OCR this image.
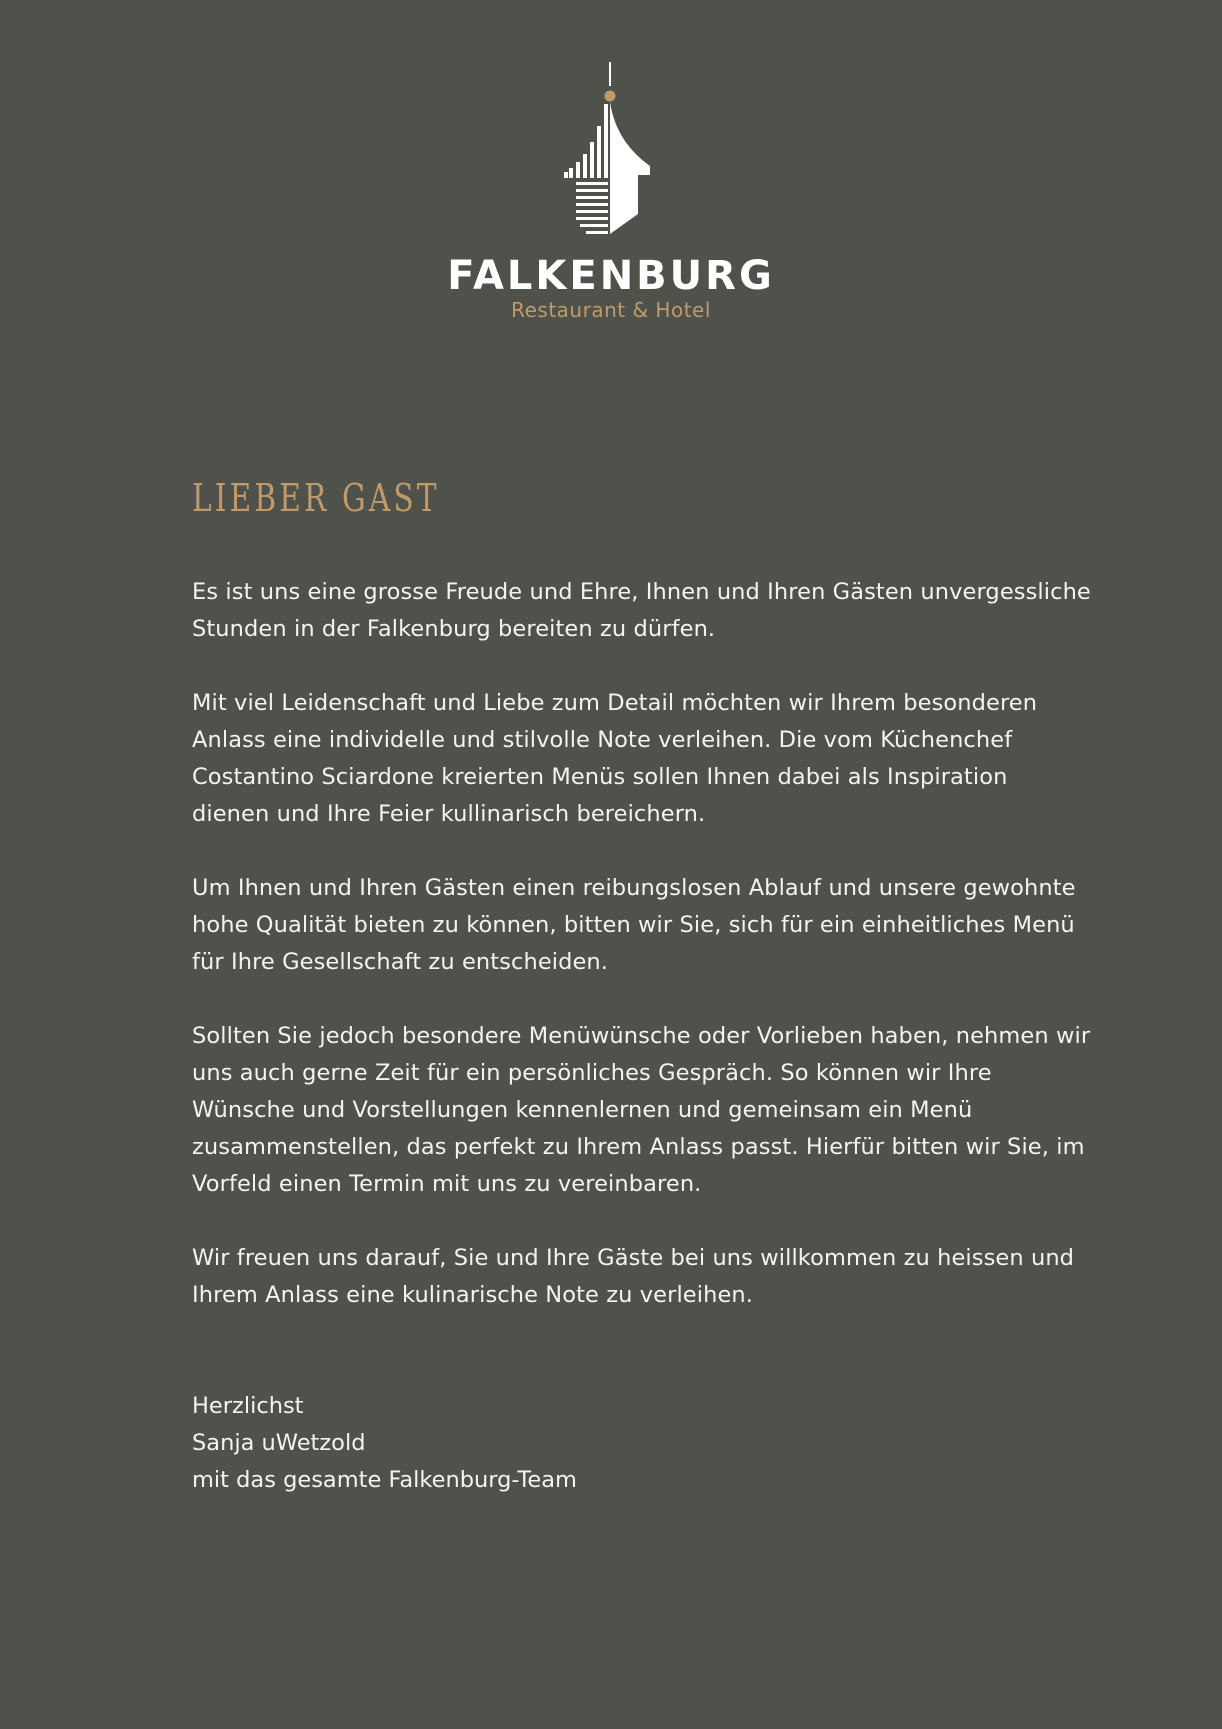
FALKENBURG
Restaurant & Hotel
LIEBER GAST

Es ist uns eine grosse Freude und Ehre, Ihnen und Ihren Gästen unvergessliche Stunden in der Falkenburg bereiten zu dürfen.

Mit viel Leidenschaft und Liebe zum Detail möchten wir Ihrem besonderen Anlass eine individelle und stilvolle Note verleihen. Die vom Küchenchef Costantino Sciardone kreierten Menüs sollen Ihnen dabei als Inspiration dienen und Ihre Feier kullinarisch bereichern.

Um Ihnen und Ihren Gästen einen reibungslosen Ablauf und unsere gewohnte hohe Qualität bieten zu können, bitten wir Sie, sich für ein einheitliches Menü für Ihre Gesellschaft zu entscheiden.

Sollten Sie jedoch besondere Menüwünsche oder Vorlieben haben, nehmen wir uns auch gerne Zeit für ein persönliches Gespräch. So können wir Ihre Wünsche und Vorstellungen kennenlernen und gemeinsam ein Menü zusammenstellen, das perfekt zu Ihrem Anlass passt. Hierfür bitten wir Sie, im Vorfeld einen Termin mit uns zu vereinbaren.

Wir freuen uns darauf, Sie und Ihre Gäste bei uns willkommen zu heissen und Ihrem Anlass eine kulinarische Note zu verleihen.

Herzlichst
Sanja uWetzold
mit das gesamte Falkenburg-Team
